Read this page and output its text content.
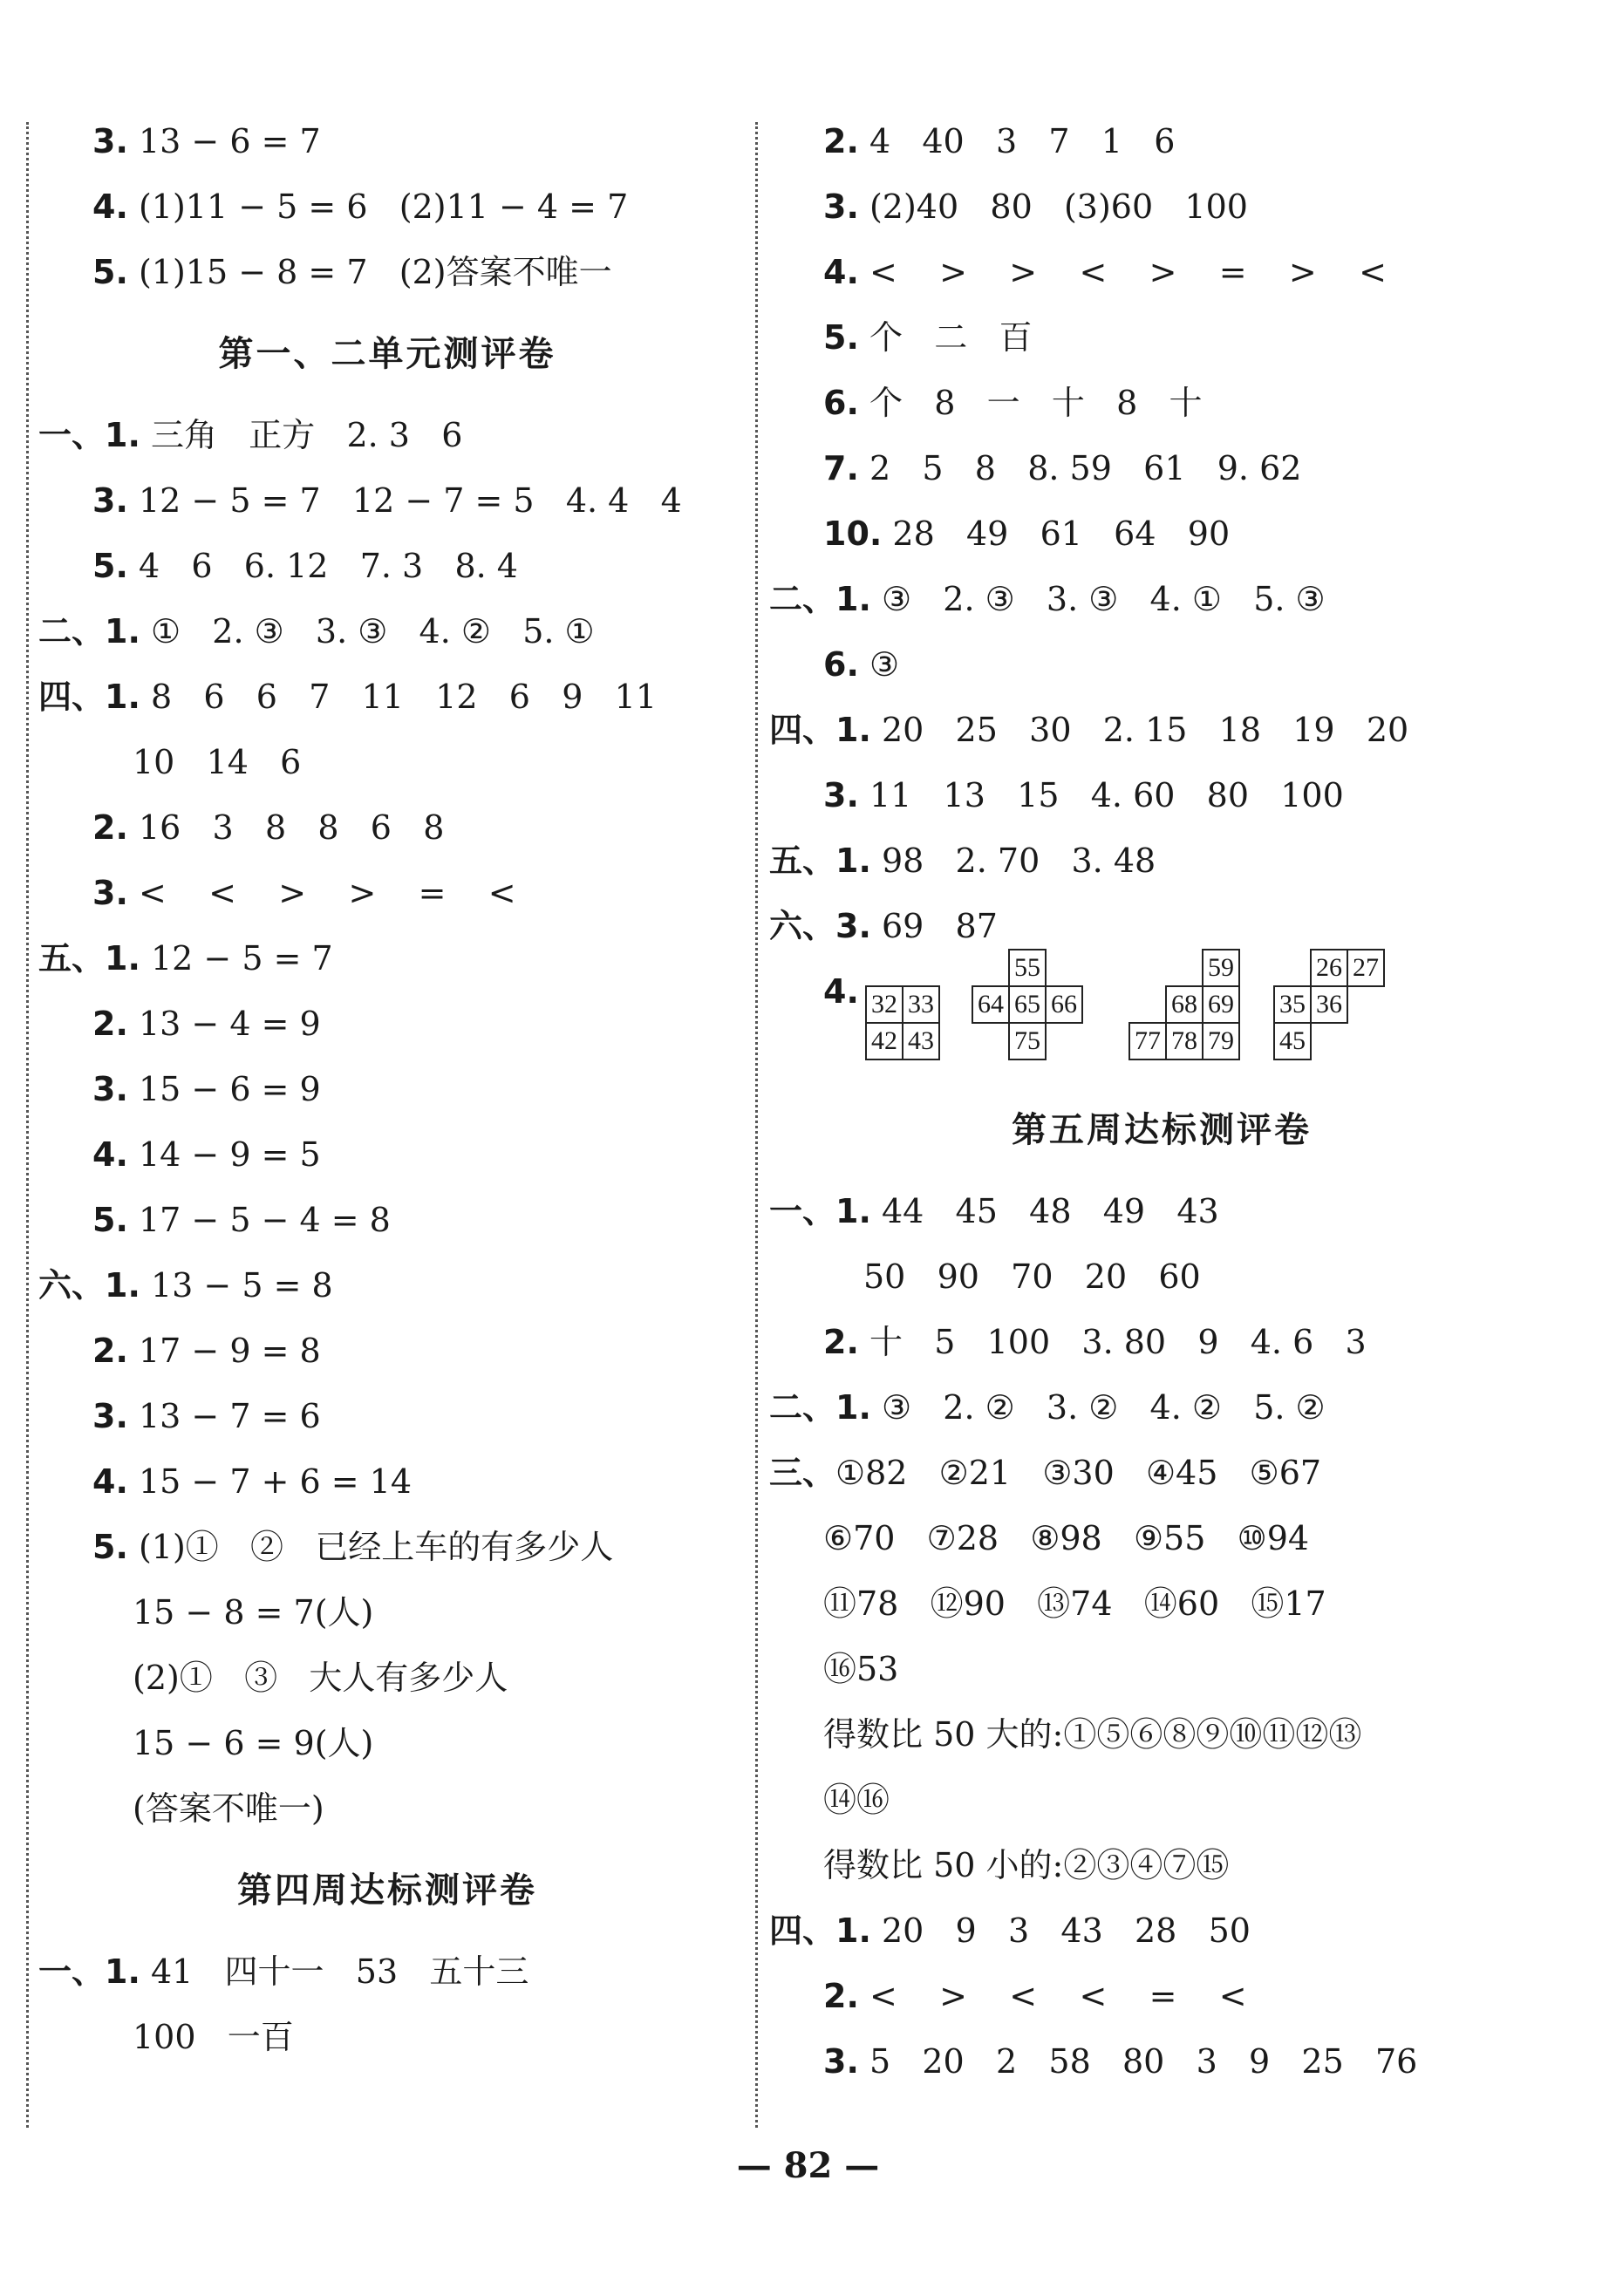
3. 13 − 6 = 7
4. (1)11 − 5 = 6   (2)11 − 4 = 7
5. (1)15 − 8 = 7   (2)答案不唯一
第一、二单元测评卷
一、1. 三角   正方   2. 3   6
3. 12 − 5 = 7   12 − 7 = 5   4. 4   4
5. 4   6   6. 12   7. 3   8. 4
二、1. ①   2. ③   3. ③   4. ②   5. ①
四、1. 8   6   6   7   11   12   6   9   11
10   14   6
2. 16   3   8   8   6   8
3. <    <    >    >    =    <
五、1. 12 − 5 = 7
2. 13 − 4 = 9
3. 15 − 6 = 9
4. 14 − 9 = 5
5. 17 − 5 − 4 = 8
六、1. 13 − 5 = 8
2. 17 − 9 = 8
3. 13 − 7 = 6
4. 15 − 7 + 6 = 14
5. (1)①   ②   已经上车的有多少人
15 − 8 = 7(人)
(2)①   ③   大人有多少人
15 − 6 = 9(人)
(答案不唯一)
第四周达标测评卷
一、1. 41   四十一   53   五十三
100   一百
2. 4   40   3   7   1   6
3. (2)40   80   (3)60   100
4. <    >    >    <    >    =    >    <
5. 个   二   百
6. 个   8   一   十   8   十
7. 2   5   8   8. 59   61   9. 62
10. 28   49   61   64   90
二、1. ③   2. ③   3. ③   4. ①   5. ③
6. ③
四、1. 20   25   30   2. 15   18   19   20
3. 11   13   15   4. 60   80   100
五、1. 98   2. 70   3. 48
六、3. 69   87
4. 32 33
42 43
55
64 65 66
75
59
68 69
77 78 79
26 27
35 36
45
第五周达标测评卷
一、1. 44   45   48   49   43
50   90   70   20   60
2. 十   5   100   3. 80   9   4. 6   3
二、1. ③   2. ②   3. ②   4. ②   5. ②
三、①82   ②21   ③30   ④45   ⑤67
⑥70   ⑦28   ⑧98   ⑨55   ⑩94
⑪78   ⑫90   ⑬74   ⑭60   ⑮17
⑯53
得数比 50 大的:①⑤⑥⑧⑨⑩⑪⑫⑬
⑭⑯
得数比 50 小的:②③④⑦⑮
四、1. 20   9   3   43   28   50
2. <    >    <    <    =    <
3. 5   20   2   58   80   3   9   25   76
— 82 —
